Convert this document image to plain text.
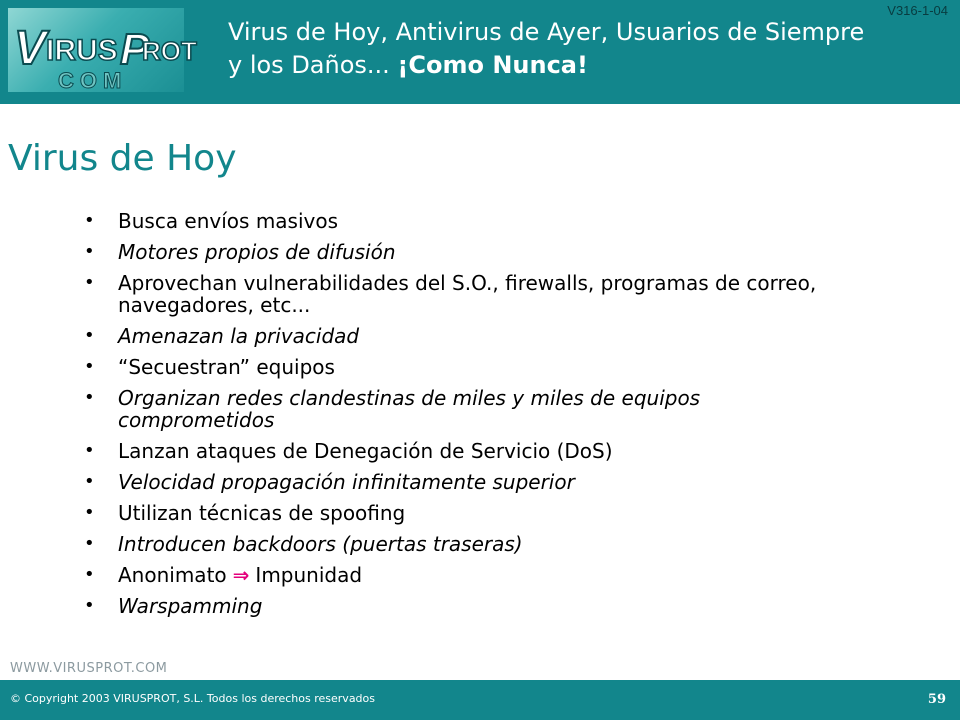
V IRUS P
ROT
COM
V316-1-04
Virus de Hoy, Antivirus de Ayer, Usuarios de Siempre
y los Daños... ¡Como Nunca!
Virus de Hoy
• Busca envíos masivos
• Motores propios de difusión
• Aprovechan vulnerabilidades del S.O., firewalls, programas de correo, navegadores, etc...
• Amenazan la privacidad
• “Secuestran” equipos
• Organizan redes clandestinas de miles y miles de equipos comprometidos
• Lanzan ataques de Denegación de Servicio (DoS)
• Velocidad propagación infinitamente superior
• Utilizan técnicas de spoofing
• Introducen backdoors (puertas traseras)
• Anonimato ⇒ Impunidad
• Warspamming
WWW.VIRUSPROT.COM
© Copyright 2003 VIRUSPROT, S.L. Todos los derechos reservados	59
